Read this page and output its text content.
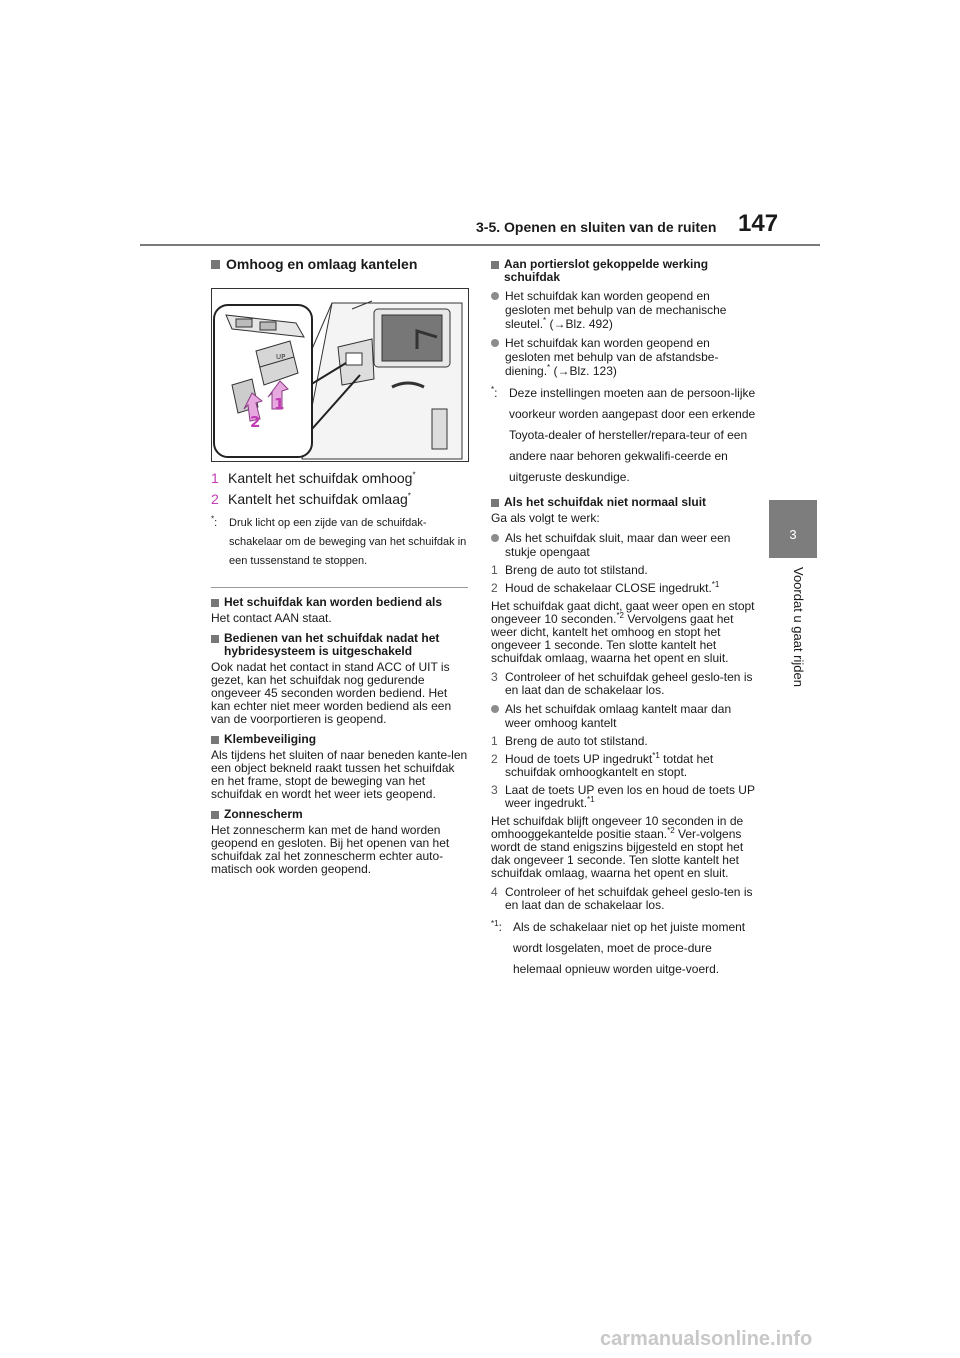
3-5. Openen en sluiten van de ruiten 147
3
Voordat u gaat rijden
Omhoog en omlaag kantelen
UP
1
2
1 Kantelt het schuifdak omhoog*
2 Kantelt het schuifdak omlaag*
*:	Druk licht op een zijde van de schuifdak-schakelaar om de beweging van het schuifdak in een tussenstand te stoppen.
Het schuifdak kan worden bediend als

Het contact AAN staat.

Bedienen van het schuifdak nadat het hybridesysteem is uitgeschakeld

Ook nadat het contact in stand ACC of UIT is gezet, kan het schuifdak nog gedurende ongeveer 45 seconden worden bediend. Het kan echter niet meer worden bediend als een van de voorportieren is geopend.

Klembeveiliging

Als tijdens het sluiten of naar beneden kante-len een object bekneld raakt tussen het schuifdak en het frame, stopt de beweging van het schuifdak en wordt het weer iets geopend.

Zonnescherm

Het zonnescherm kan met de hand worden geopend en gesloten. Bij het openen van het schuifdak zal het zonnescherm echter auto-matisch ook worden geopend.

Aan portierslot gekoppelde werking schuifdak
Het schuifdak kan worden geopend en gesloten met behulp van de mechanische sleutel.* (→Blz. 492)
Het schuifdak kan worden geopend en gesloten met behulp van de afstandsbe-diening.* (→Blz. 123)
*: Deze instellingen moeten aan de persoon-lijke voorkeur worden aangepast door een erkende Toyota-dealer of hersteller/repara-teur of een andere naar behoren gekwalifi-ceerde en uitgeruste deskundige.
Als het schuifdak niet normaal sluit

Ga als volgt te werk:

Als het schuifdak sluit, maar dan weer een stukje opengaat
1 Breng de auto tot stilstand.
2 Houd de schakelaar CLOSE ingedrukt.$^{*1}$

Het schuifdak gaat dicht, gaat weer open en stopt ongeveer 10 seconden.$^{*2}$ Vervolgens gaat het weer dicht, kantelt het omhoog en stopt het ongeveer 1 seconde. Ten slotte kantelt het schuifdak omlaag, waarna het opent en sluit.

3 Controleer of het schuifdak geheel geslo-ten is en laat dan de schakelaar los.
Als het schuifdak omlaag kantelt maar dan weer omhoog kantelt
1 Breng de auto tot stilstand.
2 Houd de toets UP ingedrukt$^{*1}$ totdat het schuifdak omhoogkantelt en stopt.
3 Laat de toets UP even los en houd de toets UP weer ingedrukt.$^{*1}$

Het schuifdak blijft ongeveer 10 seconden in de omhooggekantelde positie staan.$^{*2}$ Ver-volgens wordt de stand enigszins bijgesteld en stopt het dak ongeveer 1 seconde. Ten slotte kantelt het schuifdak omlaag, waarna het opent en sluit.

4 Controleer of het schuifdak geheel geslo-ten is en laat dan de schakelaar los.
$^{*1}$: Als de schakelaar niet op het juiste moment wordt losgelaten, moet de proce-dure helemaal opnieuw worden uitge-voerd.
carmanualsonline.info
